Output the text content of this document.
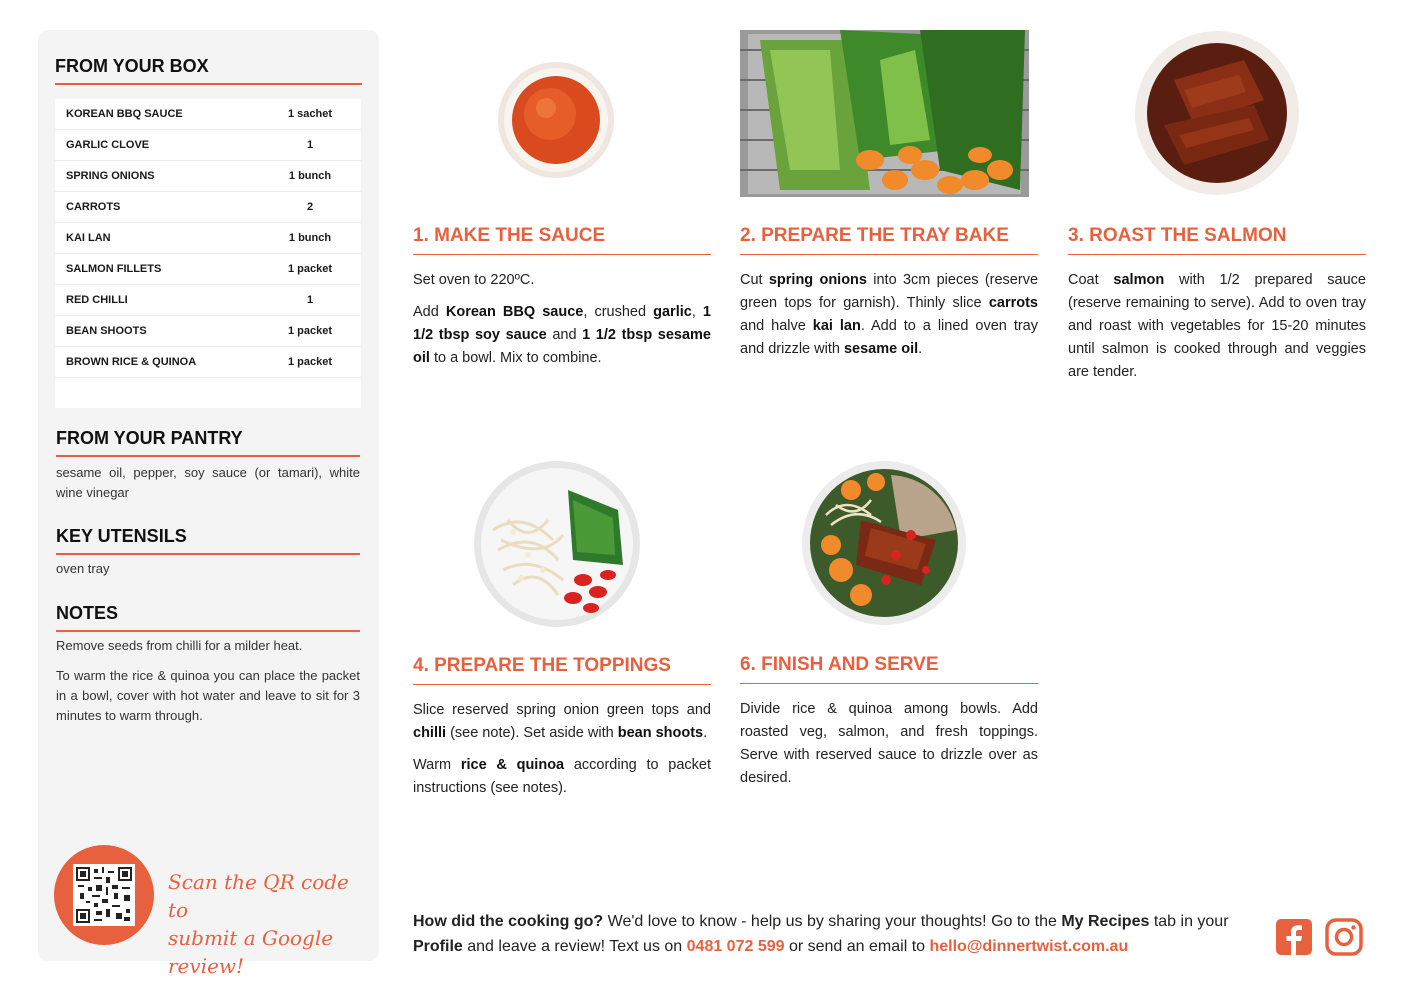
FROM YOUR BOX
KOREAN BBQ SAUCE	1 sachet
GARLIC CLOVE	1
SPRING ONIONS	1 bunch
CARROTS	2
KAI LAN	1 bunch
SALMON FILLETS	1 packet
RED CHILLI	1
BEAN SHOOTS	1 packet
BROWN RICE & QUINOA	1 packet
FROM YOUR PANTRY
sesame oil, pepper, soy sauce (or tamari), white wine vinegar
KEY UTENSILS
oven tray
NOTES
Remove seeds from chilli for a milder heat.
To warm the rice & quinoa you can place the packet in a bowl, cover with hot water and leave to sit for 3 minutes to warm through.
Scan the QR code to
submit a Google review!
1. MAKE THE SAUCE

Set oven to 220ºC.

Add Korean BBQ sauce, crushed garlic, 1 1/2 tbsp soy sauce and 1 1/2 tbsp sesame oil to a bowl. Mix to combine.

2. PREPARE THE TRAY BAKE

Cut spring onions into 3cm pieces (reserve green tops for garnish). Thinly slice carrots and halve kai lan. Add to a lined oven tray and drizzle with sesame oil.

3. ROAST THE SALMON

Coat salmon with 1/2 prepared sauce (reserve remaining to serve). Add to oven tray and roast with vegetables for 15-20 minutes until salmon is cooked through and veggies are tender.

4. PREPARE THE TOPPINGS

Slice reserved spring onion green tops and chilli (see note). Set aside with bean shoots.

Warm rice & quinoa according to packet instructions (see notes).

6. FINISH AND SERVE

Divide rice & quinoa among bowls. Add roasted veg, salmon, and fresh toppings. Serve with reserved sauce to drizzle over as desired.

How did the cooking go? We'd love to know - help us by sharing your thoughts! Go to the My Recipes tab in your Profile and leave a review! Text us on 0481 072 599 or send an email to hello@dinnertwist.com.au
